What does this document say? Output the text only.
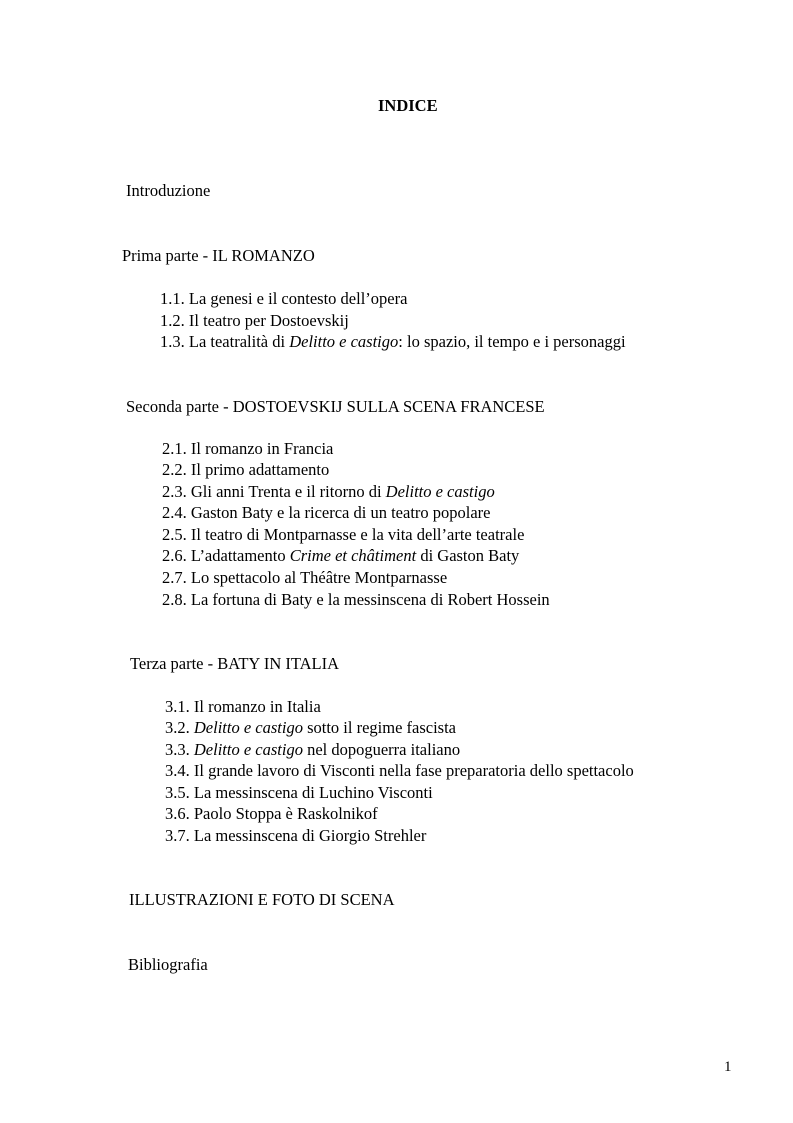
INDICE
Introduzione
Prima parte - IL ROMANZO
1.1. La genesi e il contesto dell’opera
1.2. Il teatro per Dostoevskij
1.3. La teatralità di Delitto e castigo: lo spazio, il tempo e i personaggi
Seconda parte - DOSTOEVSKIJ SULLA SCENA FRANCESE
2.1. Il romanzo in Francia
2.2. Il primo adattamento
2.3. Gli anni Trenta e il ritorno di Delitto e castigo
2.4. Gaston Baty e la ricerca di un teatro popolare
2.5. Il teatro di Montparnasse e la vita dell’arte teatrale
2.6. L’adattamento Crime et châtiment di Gaston Baty
2.7. Lo spettacolo al Théâtre Montparnasse
2.8. La fortuna di Baty e la messinscena di Robert Hossein
Terza parte - BATY IN ITALIA
3.1. Il romanzo in Italia
3.2. Delitto e castigo sotto il regime fascista
3.3. Delitto e castigo nel dopoguerra italiano
3.4. Il grande lavoro di Visconti nella fase preparatoria dello spettacolo
3.5. La messinscena di Luchino Visconti
3.6. Paolo Stoppa è Raskolnikof
3.7. La messinscena di Giorgio Strehler
ILLUSTRAZIONI E FOTO DI SCENA
Bibliografia
1
